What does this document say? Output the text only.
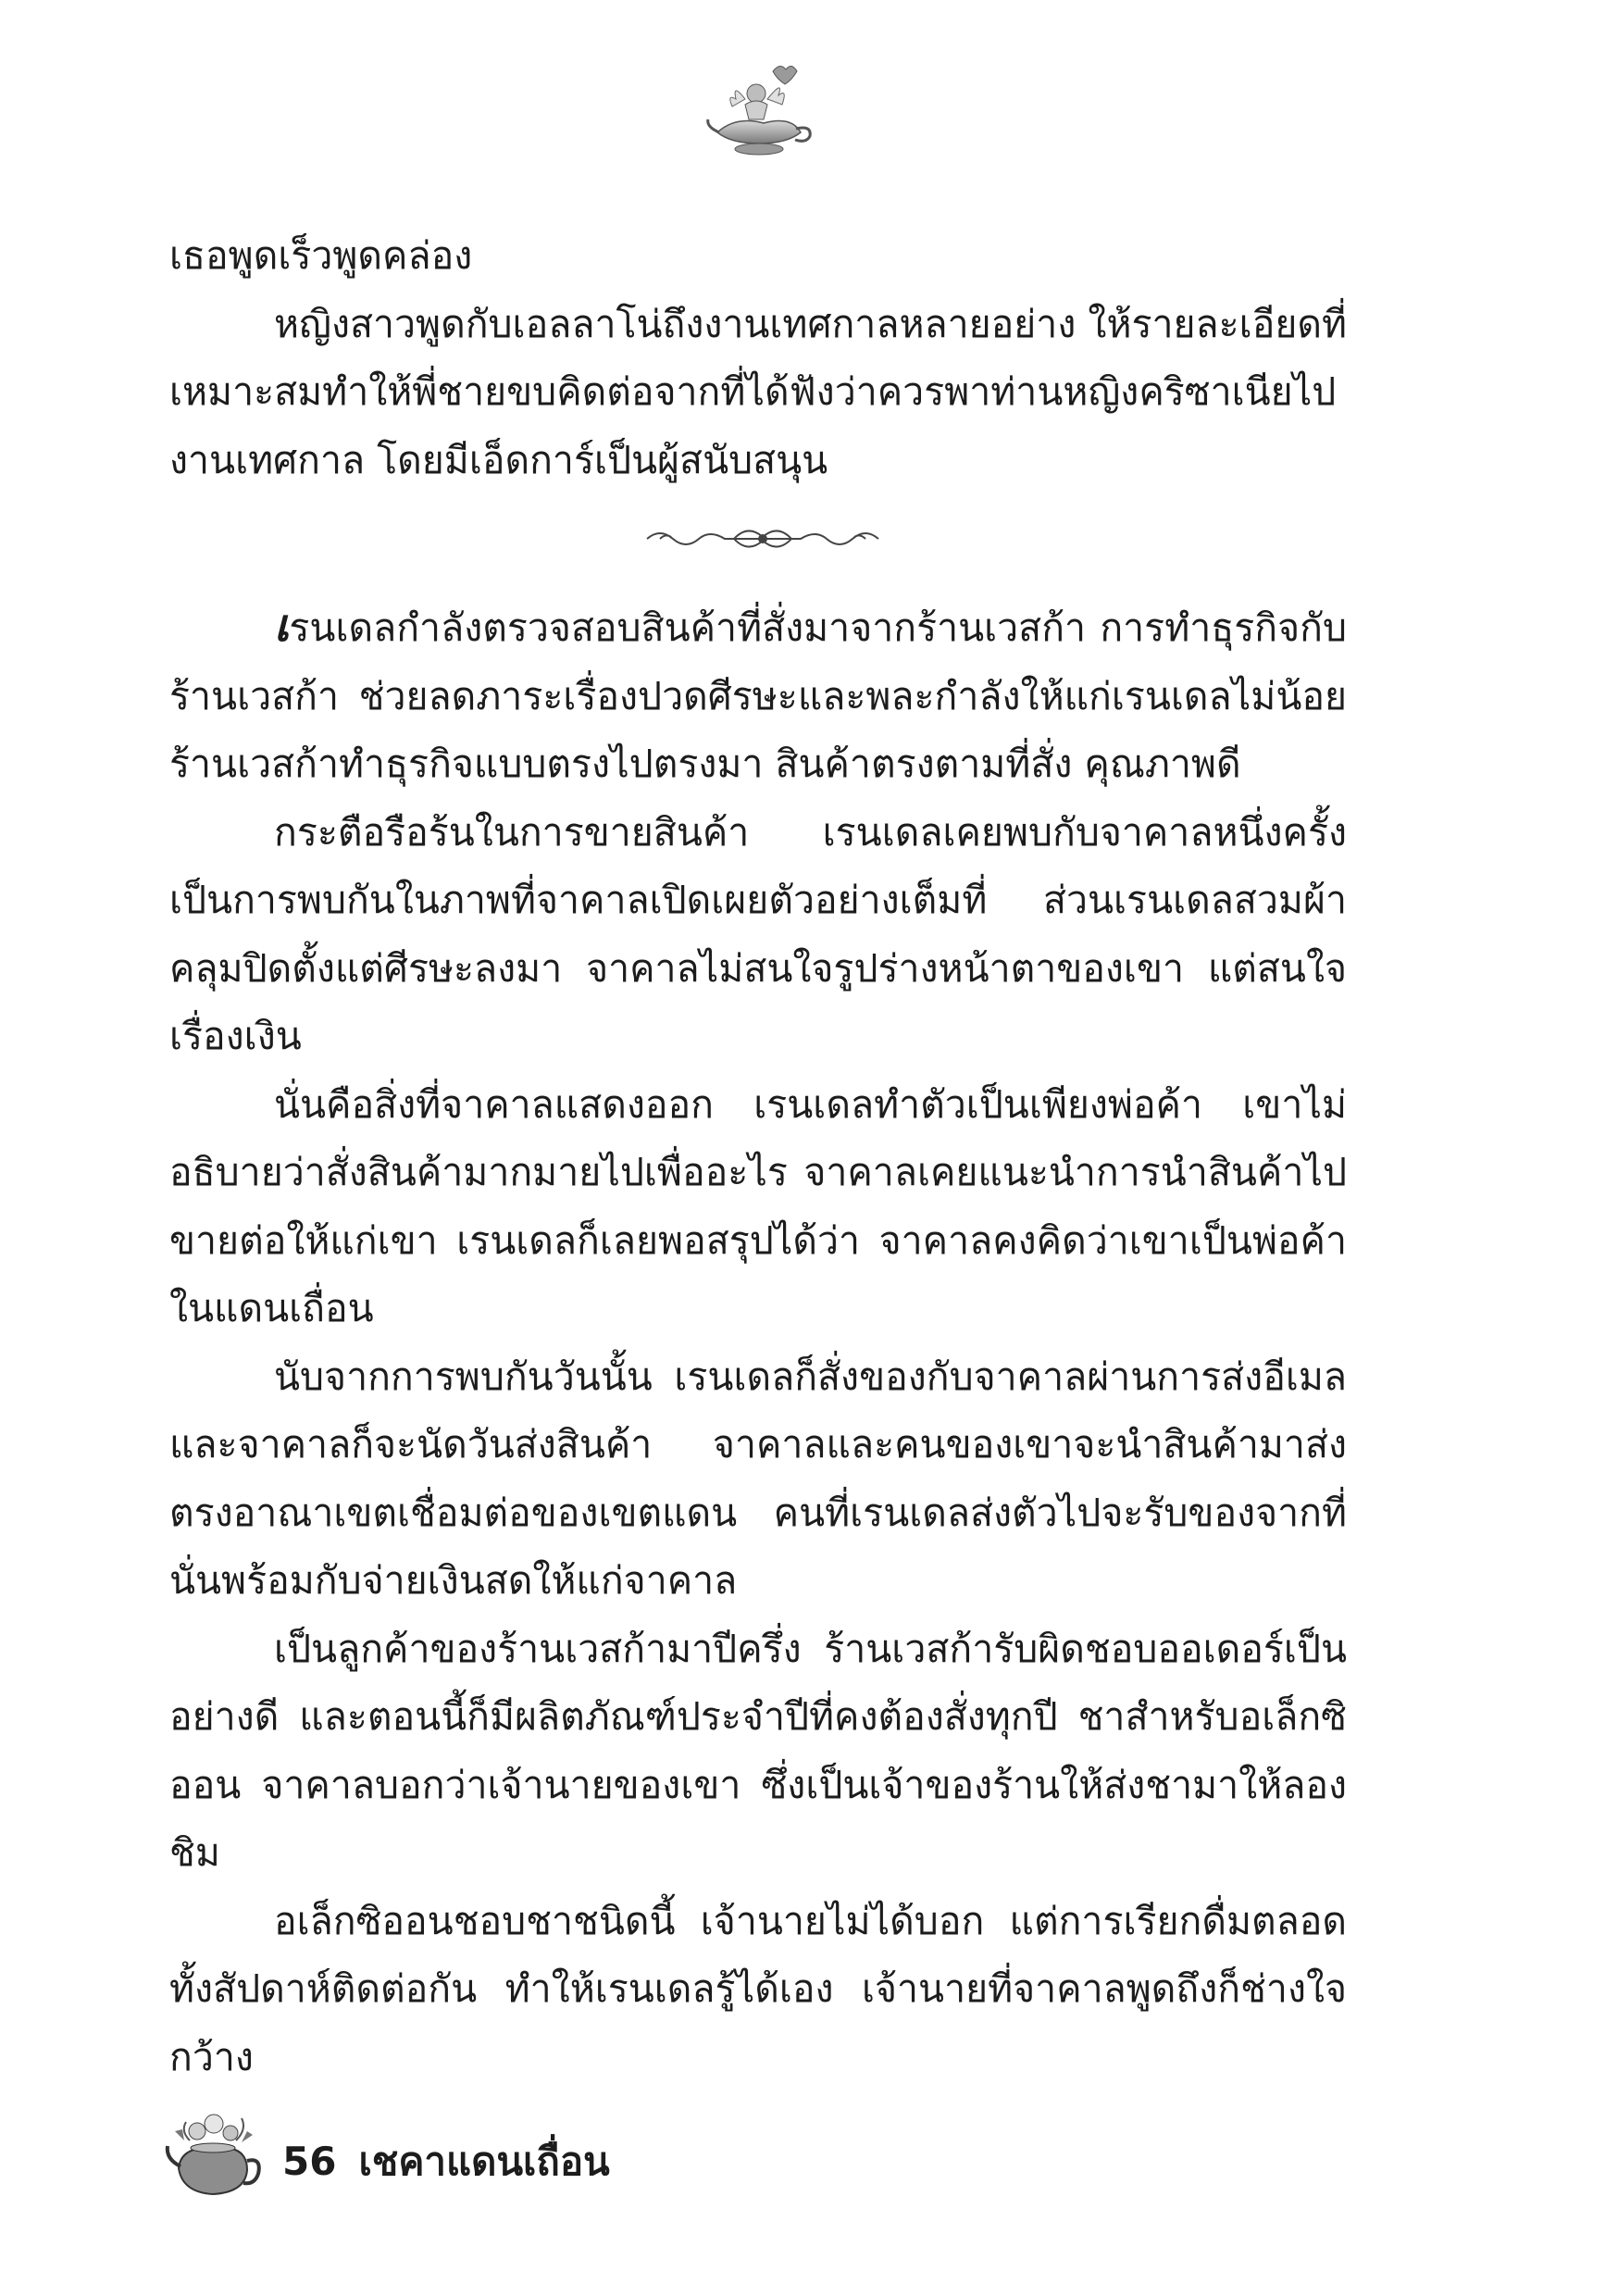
เธอพูดเร็วพูดคล่อง

หญิงสาวพูดกับเอลลาโน่ถึงงานเทศกาลหลายอย่าง ให้รายละเอียดที่เหมาะสมทำให้พี่ชายขบคิดต่อจากที่ได้ฟังว่าควรพาท่านหญิงคริซาเนียไปงานเทศกาล โดยมีเอ็ดการ์เป็นผู้สนับสนุน

เรนเดลกำลังตรวจสอบสินค้าที่สั่งมาจากร้านเวสก้า การทำธุรกิจกับร้านเวสก้า ช่วยลดภาระเรื่องปวดศีรษะและพละกำลังให้แก่เรนเดลไม่น้อยร้านเวสก้าทำธุรกิจแบบตรงไปตรงมา สินค้าตรงตามที่สั่ง คุณภาพดี

กระตือรือร้นในการขายสินค้า เรนเดลเคยพบกับจาคาลหนึ่งครั้ง เป็นการพบกันในภาพที่จาคาลเปิดเผยตัวอย่างเต็มที่ ส่วนเรนเดลสวมผ้าคลุมปิดตั้งแต่ศีรษะลงมา จาคาลไม่สนใจรูปร่างหน้าตาของเขา แต่สนใจเรื่องเงิน

นั่นคือสิ่งที่จาคาลแสดงออก เรนเดลทำตัวเป็นเพียงพ่อค้า เขาไม่อธิบายว่าสั่งสินค้ามากมายไปเพื่ออะไร จาคาลเคยแนะนำการนำสินค้าไปขายต่อให้แก่เขา เรนเดลก็เลยพอสรุปได้ว่า จาคาลคงคิดว่าเขาเป็นพ่อค้าในแดนเถื่อน

นับจากการพบกันวันนั้น เรนเดลก็สั่งของกับจาคาลผ่านการส่งอีเมล และจาคาลก็จะนัดวันส่งสินค้า จาคาลและคนของเขาจะนำสินค้ามาส่งตรงอาณาเขตเชื่อมต่อของเขตแดน คนที่เรนเดลส่งตัวไปจะรับของจากที่นั่นพร้อมกับจ่ายเงินสดให้แก่จาคาล

เป็นลูกค้าของร้านเวสก้ามาปีครึ่ง ร้านเวสก้ารับผิดชอบออเดอร์เป็นอย่างดี และตอนนี้ก็มีผลิตภัณฑ์ประจำปีที่คงต้องสั่งทุกปี ชาสำหรับอเล็กซิออน จาคาลบอกว่าเจ้านายของเขา ซึ่งเป็นเจ้าของร้านให้ส่งชามาให้ลองชิม

อเล็กซิออนชอบชาชนิดนี้ เจ้านายไม่ได้บอก แต่การเรียกดื่มตลอดทั้งสัปดาห์ติดต่อกัน ทำให้เรนเดลรู้ได้เอง เจ้านายที่จาคาลพูดถึงก็ช่างใจกว้าง

56 เชคาแดนเถื่อน
